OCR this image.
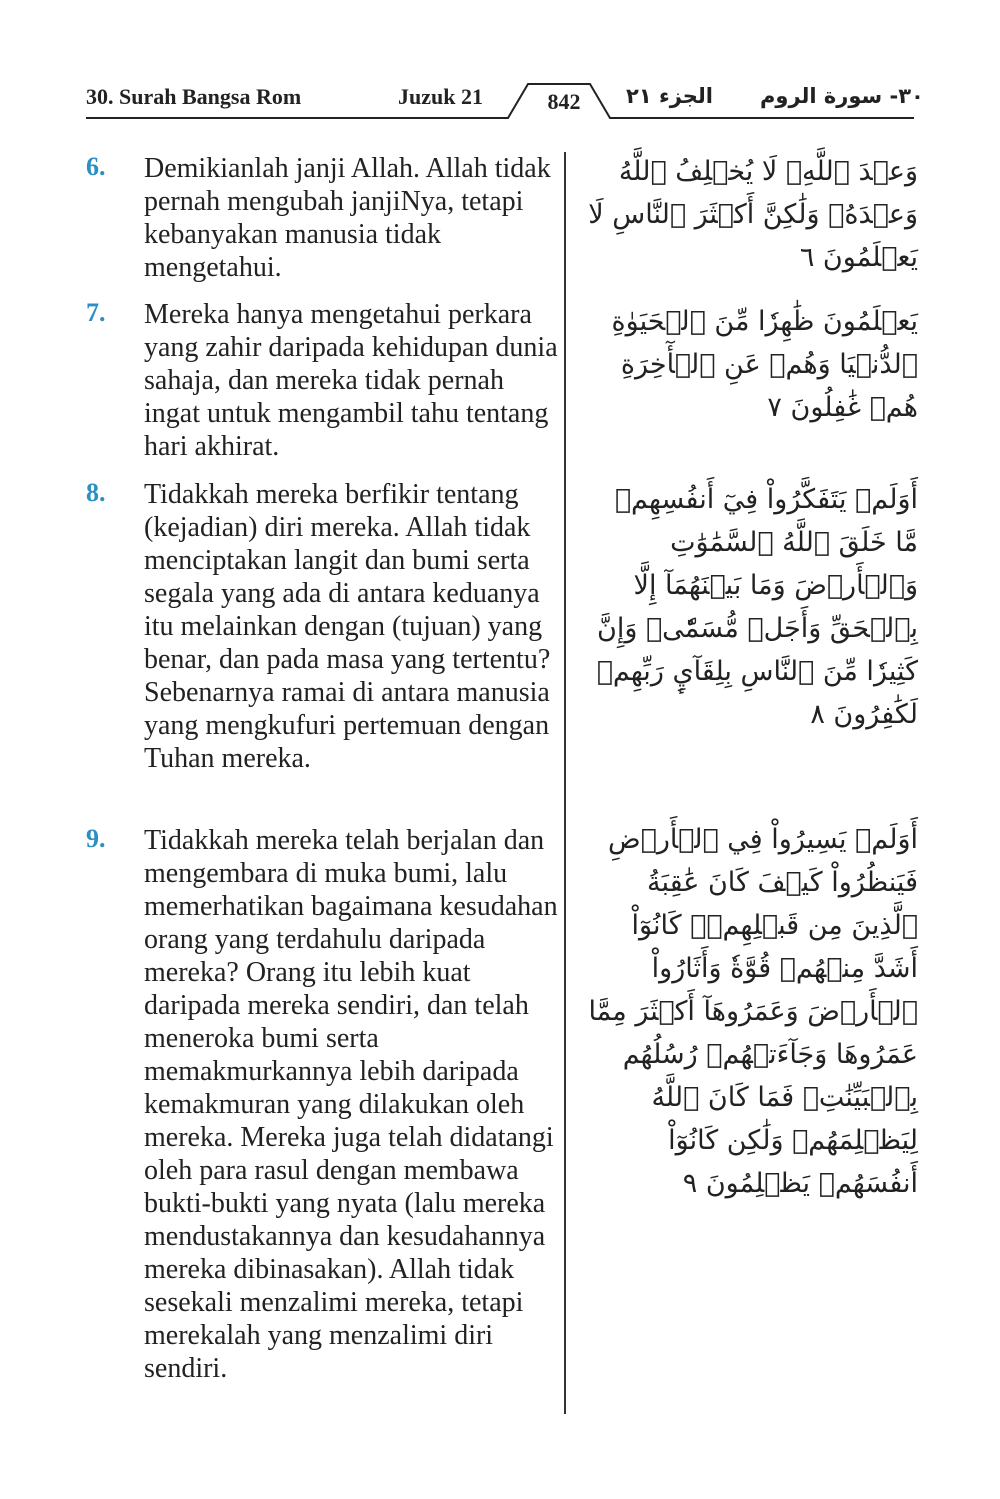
30. Surah Bangsa Rom	Juzuk 21	842	الجزء ٢١ ٣٠- سورة الروم
6. Demikianlah janji Allah. Allah tidak pernah mengubah janjiNya, tetapi kebanyakan manusia tidak mengetahui.
وَعۡدَ ٱللَّهِۖ لَا يُخۡلِفُ ٱللَّهُ وَعۡدَهُۥ وَلَٰكِنَّ أَكۡثَرَ ٱلنَّاسِ لَا يَعۡلَمُونَ ٦
7. Mereka hanya mengetahui perkara yang zahir daripada kehidupan dunia sahaja, dan mereka tidak pernah ingat untuk mengambil tahu tentang hari akhirat.
يَعۡلَمُونَ ظَٰهِرٗا مِّنَ ٱلۡحَيَوٰةِ ٱلدُّنۡيَا وَهُمۡ عَنِ ٱلۡأٓخِرَةِ هُمۡ غَٰفِلُونَ ٧
8. Tidakkah mereka berfikir tentang (kejadian) diri mereka. Allah tidak menciptakan langit dan bumi serta segala yang ada di antara keduanya itu melainkan dengan (tujuan) yang benar, dan pada masa yang tertentu? Sebenarnya ramai di antara manusia yang mengkufuri pertemuan dengan Tuhan mereka.
أَوَلَمۡ يَتَفَكَّرُواْ فِيٓ أَنفُسِهِمۗ مَّا خَلَقَ ٱللَّهُ ٱلسَّمَٰوَٰتِ وَٱلۡأَرۡضَ وَمَا بَيۡنَهُمَآ إِلَّا بِٱلۡحَقِّ وَأَجَلٖ مُّسَمّٗىۗ وَإِنَّ كَثِيرٗا مِّنَ ٱلنَّاسِ بِلِقَآيِٕ رَبِّهِمۡ لَكَٰفِرُونَ ٨
9. Tidakkah mereka telah berjalan dan mengembara di muka bumi, lalu memerhatikan bagaimana kesudahan orang yang terdahulu daripada mereka? Orang itu lebih kuat daripada mereka sendiri, dan telah meneroka bumi serta memakmurkannya lebih daripada kemakmuran yang dilakukan oleh mereka. Mereka juga telah didatangi oleh para rasul dengan membawa bukti-bukti yang nyata (lalu mereka mendustakannya dan kesudahannya mereka dibinasakan). Allah tidak sesekali menzalimi mereka, tetapi merekalah yang menzalimi diri sendiri.
أَوَلَمۡ يَسِيرُواْ فِي ٱلۡأَرۡضِ فَيَنظُرُواْ كَيۡفَ كَانَ عَٰقِبَةُ ٱلَّذِينَ مِن قَبۡلِهِمۡۚ كَانُوٓاْ أَشَدَّ مِنۡهُمۡ قُوَّةٗ وَأَثَارُواْ ٱلۡأَرۡضَ وَعَمَرُوهَآ أَكۡثَرَ مِمَّا عَمَرُوهَا وَجَآءَتۡهُمۡ رُسُلُهُم بِٱلۡبَيِّنَٰتِۖ فَمَا كَانَ ٱللَّهُ لِيَظۡلِمَهُمۡ وَلَٰكِن كَانُوٓاْ أَنفُسَهُمۡ يَظۡلِمُونَ ٩
